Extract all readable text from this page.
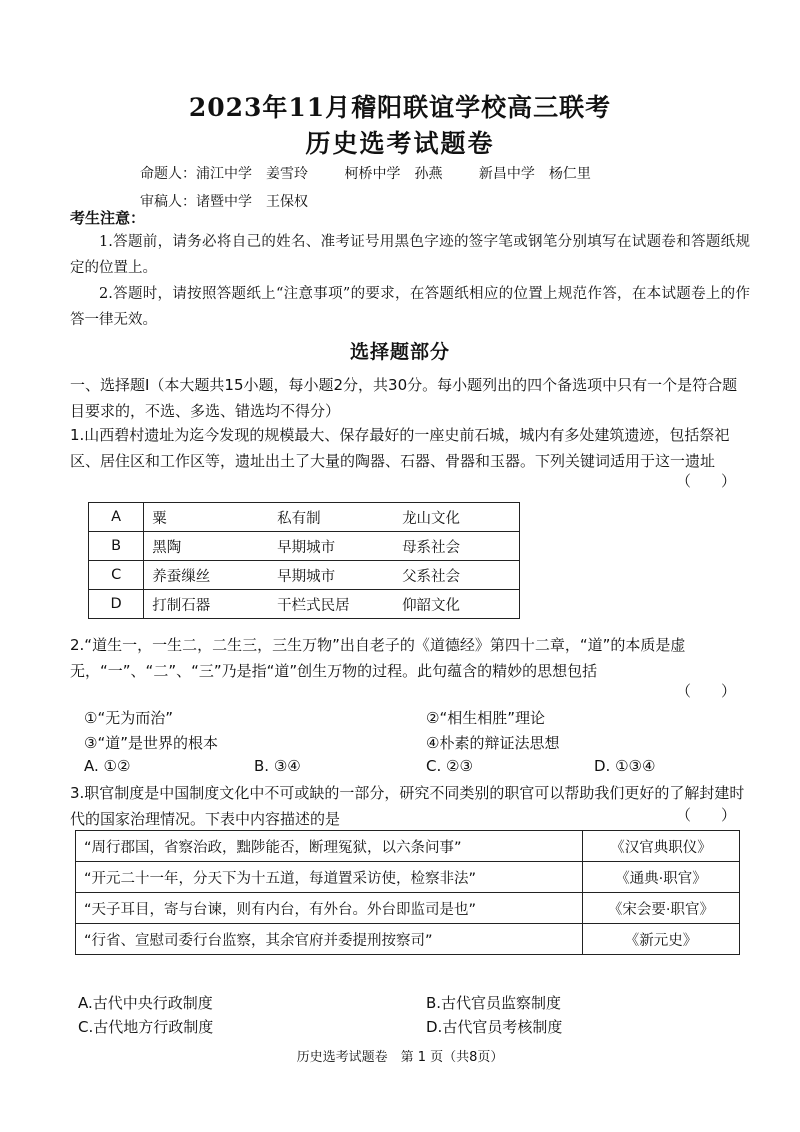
2023年11月稽阳联谊学校高三联考
历史选考试题卷
命题人：浦江中学　姜雪玲	柯桥中学　孙燕	新昌中学　杨仁里
审稿人：诸暨中学　王保权
考生注意：
1.答题前，请务必将自己的姓名、准考证号用黑色字迹的签字笔或钢笔分别填写在试题卷和答题纸规定的位置上。
2.答题时，请按照答题纸上“注意事项”的要求，在答题纸相应的位置上规范作答，在本试题卷上的作答一律无效。
选择题部分
一、选择题Ⅰ（本大题共15小题，每小题2分，共30分。每小题列出的四个备选项中只有一个是符合题目要求的，不选、多选、错选均不得分）
1.山西碧村遗址为迄今发现的规模最大、保存最好的一座史前石城，城内有多处建筑遗迹，包括祭祀区、居住区和工作区等，遗址出土了大量的陶器、石器、骨器和玉器。下列关键词适用于这一遗址
（　　）
A	粟	私有制	龙山文化
B	黑陶	早期城市	母系社会
C	养蚕缫丝	早期城市	父系社会
D	打制石器	干栏式民居	仰韶文化
2.“道生一，一生二，二生三，三生万物”出自老子的《道德经》第四十二章，“道”的本质是虚无，“一”、“二”、“三”乃是指“道”创生万物的过程。此句蕴含的精妙的思想包括
（　　）
①“无为而治”	②“相生相胜”理论
③“道”是世界的根本	④朴素的辩证法思想
A. ①②	B. ③④	C. ②③	D. ①③④
3.职官制度是中国制度文化中不可或缺的一部分，研究不同类别的职官可以帮助我们更好的了解封建时代的国家治理情况。下表中内容描述的是	（　　）
“周行郡国，省察治政，黜陟能否，断理冤狱，以六条问事”	《汉官典职仪》
“开元二十一年，分天下为十五道，每道置采访使，检察非法”	《通典·职官》
“天子耳目，寄与台谏，则有内台，有外台。外台即监司是也”	《宋会要·职官》
“行省、宣慰司委行台监察，其余官府并委提刑按察司”	《新元史》
A.古代中央行政制度	B.古代官员监察制度
C.古代地方行政制度	D.古代官员考核制度
历史选考试题卷　第 1 页（共8页）
